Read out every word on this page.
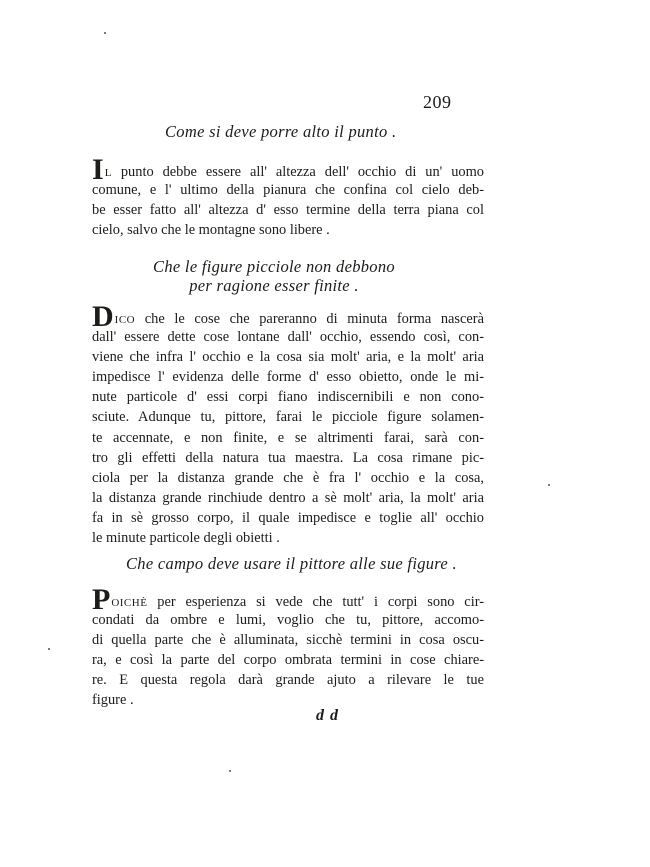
209
Come si deve porre alto il punto .
IL punto debbe essere all' altezza dell' occhio di un' uomo
comune, e l' ultimo della pianura che confina col cielo deb-
be esser fatto all' altezza d' esso termine della terra piana col
cielo, salvo che le montagne sono libere .
Che le figure picciole non debbono
per ragione esser finite .
DICO che le cose che pareranno di minuta forma nascerà
dall' essere dette cose lontane dall' occhio, essendo così, con-
viene che infra l' occhio e la cosa sia molt' aria, e la molt' aria
impedisce l' evidenza delle forme d' esso obietto, onde le mi-
nute particole d' essi corpi fiano indiscernibili e non cono-
sciute. Adunque tu, pittore, farai le picciole figure solamen-
te accennate, e non finite, e se altrimenti farai, sarà con-
tro gli effetti della natura tua maestra. La cosa rimane pic-
ciola per la distanza grande che è fra l' occhio e la cosa,
la distanza grande rinchiude dentro a sè molt' aria, la molt' aria
fa in sè grosso corpo, il quale impedisce e toglie all' occhio
le minute particole degli obietti .
Che campo deve usare il pittore alle sue figure .
POICHÈ per esperienza si vede che tutt' i corpi sono cir-
condati da ombre e lumi, voglio che tu, pittore, accomo-
di quella parte che è alluminata, sicchè termini in cosa oscu-
ra, e così la parte del corpo ombrata termini in cose chiare-
re. E questa regola darà grande ajuto a rilevare le tue
figure .
d d
